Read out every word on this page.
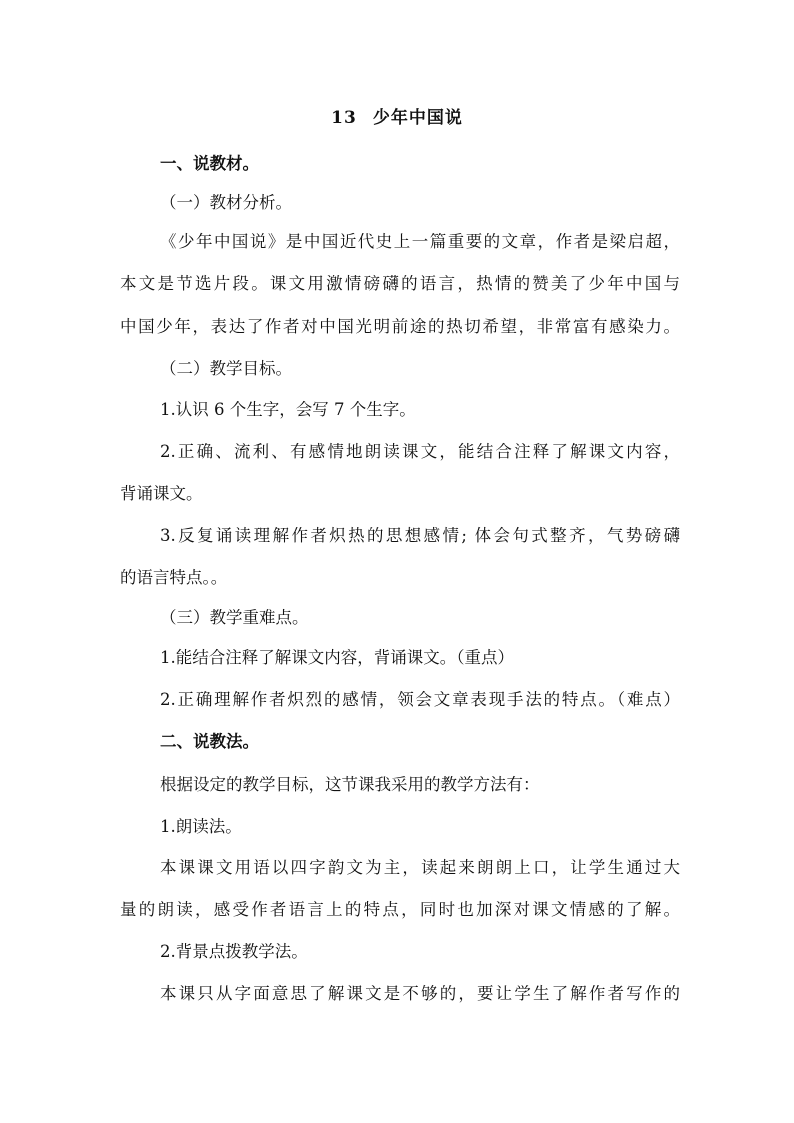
13 少年中国说
一、说教材。
（一）教材分析。
《少年中国说》是中国近代史上一篇重要的文章，作者是梁启超，
本文是节选片段。课文用激情磅礴的语言，热情的赞美了少年中国与
中国少年，表达了作者对中国光明前途的热切希望，非常富有感染力。
（二）教学目标。
1.认识 6 个生字，会写 7 个生字。
2.正确、流利、有感情地朗读课文，能结合注释了解课文内容，
背诵课文。
3.反复诵读理解作者炽热的思想感情; 体会句式整齐，气势磅礴
的语言特点。。
（三）教学重难点。
1.能结合注释了解课文内容，背诵课文。（重点）
2.正确理解作者炽烈的感情，领会文章表现手法的特点。（难点）
二、说教法。
根据设定的教学目标，这节课我采用的教学方法有：
1.朗读法。
本课课文用语以四字韵文为主，读起来朗朗上口，让学生通过大
量的朗读，感受作者语言上的特点，同时也加深对课文情感的了解。
2.背景点拨教学法。
本课只从字面意思了解课文是不够的，要让学生了解作者写作的
